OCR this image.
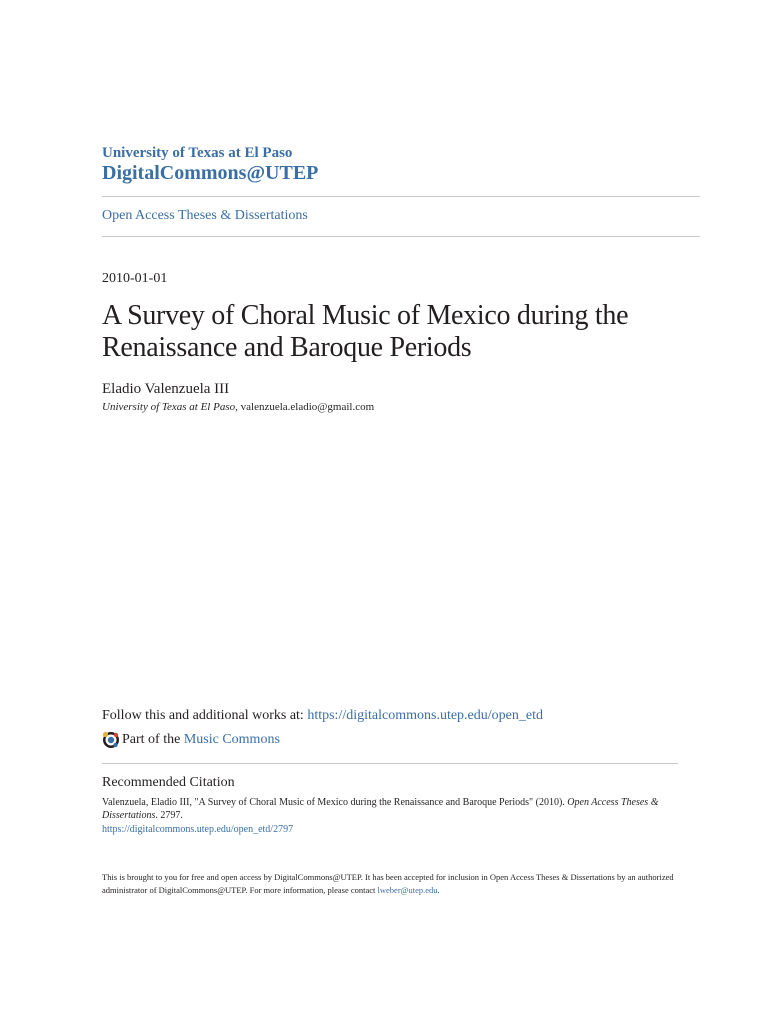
University of Texas at El Paso
DigitalCommons@UTEP
Open Access Theses & Dissertations
2010-01-01
A Survey of Choral Music of Mexico during the Renaissance and Baroque Periods
Eladio Valenzuela III
University of Texas at El Paso, valenzuela.eladio@gmail.com
Follow this and additional works at: https://digitalcommons.utep.edu/open_etd
Part of the
Music Commons
Recommended Citation
Valenzuela, Eladio III, "A Survey of Choral Music of Mexico during the Renaissance and Baroque Periods" (2010). Open Access Theses & Dissertations. 2797.
https://digitalcommons.utep.edu/open_etd/2797
This is brought to you for free and open access by DigitalCommons@UTEP. It has been accepted for inclusion in Open Access Theses & Dissertations by an authorized administrator of DigitalCommons@UTEP. For more information, please contact lweber@utep.edu.
